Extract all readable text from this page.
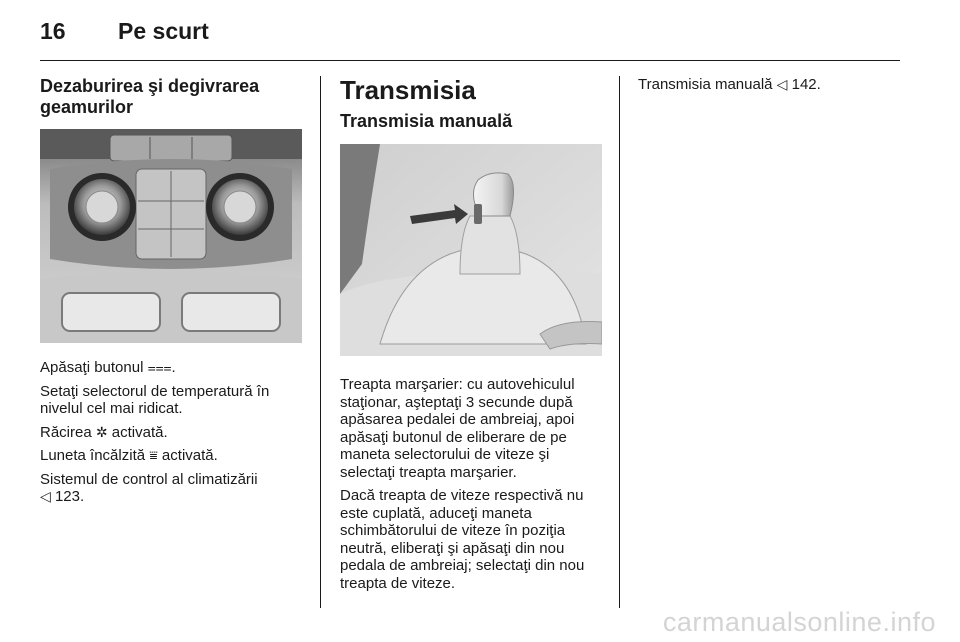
16 Pe scurt
Dezaburirea şi degivrarea geamurilor

Apăsaţi butonul ⩶.

Setaţi selectorul de temperatură în nivelul cel mai ridicat.

Răcirea ✲ activată.

Luneta încălzită ⩸ activată.

Sistemul de control al climatizării

◁ 123.

Transmisia
Transmisia manuală

Treapta marşarier: cu autovehiculul staţionar, aşteptaţi 3 secunde după apăsarea pedalei de ambreiaj, apoi apăsaţi butonul de eliberare de pe maneta selectorului de viteze şi selectaţi treapta marşarier.

Dacă treapta de viteze respectivă nu este cuplată, aduceţi maneta schimbătorului de viteze în poziţia neutră, eliberaţi şi apăsaţi din nou pedala de ambreiaj; selectaţi din nou treapta de viteze.

Transmisia manuală ◁ 142.

carmanualsonline.info
